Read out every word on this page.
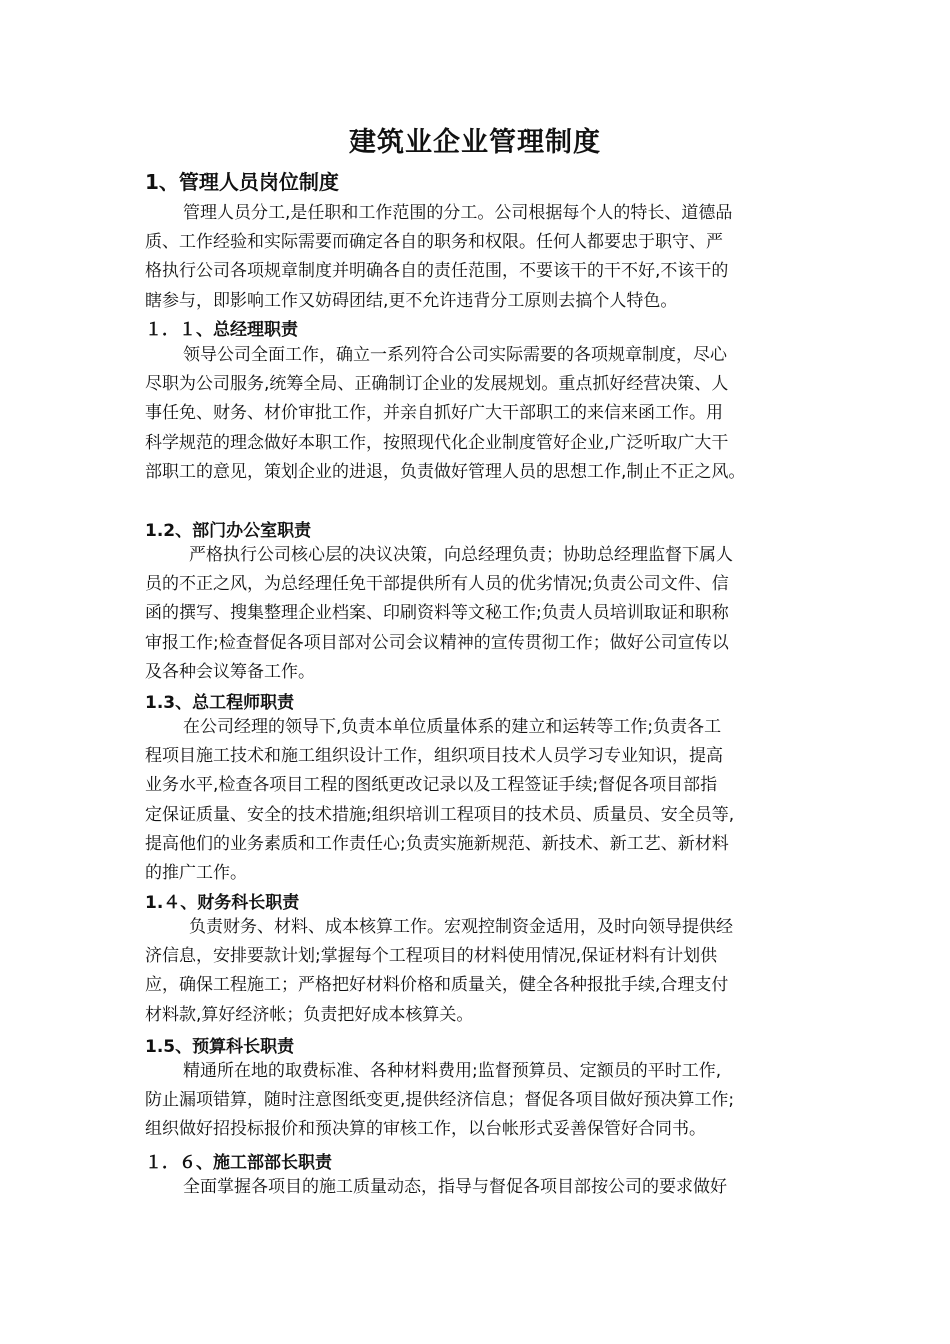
建筑业企业管理制度
1、管理人员岗位制度

管理人员分工,是任职和工作范围的分工。公司根据每个人的特长、道德品
质、工作经验和实际需要而确定各自的职务和权限。任何人都要忠于职守、严
格执行公司各项规章制度并明确各自的责任范围，不要该干的干不好,不该干的
瞎参与，即影响工作又妨碍团结,更不允许违背分工原则去搞个人特色。

１．１、总经理职责

领导公司全面工作，确立一系列符合公司实际需要的各项规章制度，尽心
尽职为公司服务,统筹全局、正确制订企业的发展规划。重点抓好经营决策、人
事任免、财务、材价审批工作，并亲自抓好广大干部职工的来信来函工作。用
科学规范的理念做好本职工作，按照现代化企业制度管好企业,广泛听取广大干
部职工的意见，策划企业的进退，负责做好管理人员的思想工作,制止不正之风。

1.2、部门办公室职责

严格执行公司核心层的决议决策，向总经理负责；协助总经理监督下属人
员的不正之风，为总经理任免干部提供所有人员的优劣情况;负责公司文件、信
函的撰写、搜集整理企业档案、印刷资料等文秘工作;负责人员培训取证和职称
审报工作;检查督促各项目部对公司会议精神的宣传贯彻工作；做好公司宣传以
及各种会议筹备工作。

1.3、总工程师职责

在公司经理的领导下,负责本单位质量体系的建立和运转等工作;负责各工
程项目施工技术和施工组织设计工作，组织项目技术人员学习专业知识，提高
业务水平,检查各项目工程的图纸更改记录以及工程签证手续;督促各项目部指
定保证质量、安全的技术措施;组织培训工程项目的技术员、质量员、安全员等,
提高他们的业务素质和工作责任心;负责实施新规范、新技术、新工艺、新材料
的推广工作。

1.４、财务科长职责

负责财务、材料、成本核算工作。宏观控制资金适用，及时向领导提供经
济信息，安排要款计划;掌握每个工程项目的材料使用情况,保证材料有计划供
应，确保工程施工；严格把好材料价格和质量关，健全各种报批手续,合理支付
材料款,算好经济帐；负责把好成本核算关。

1.5、预算科长职责

精通所在地的取费标准、各种材料费用;监督预算员、定额员的平时工作,
防止漏项错算，随时注意图纸变更,提供经济信息；督促各项目做好预决算工作;
组织做好招投标报价和预决算的审核工作，以台帐形式妥善保管好合同书。

１．６、施工部部长职责

全面掌握各项目的施工质量动态，指导与督促各项目部按公司的要求做好
